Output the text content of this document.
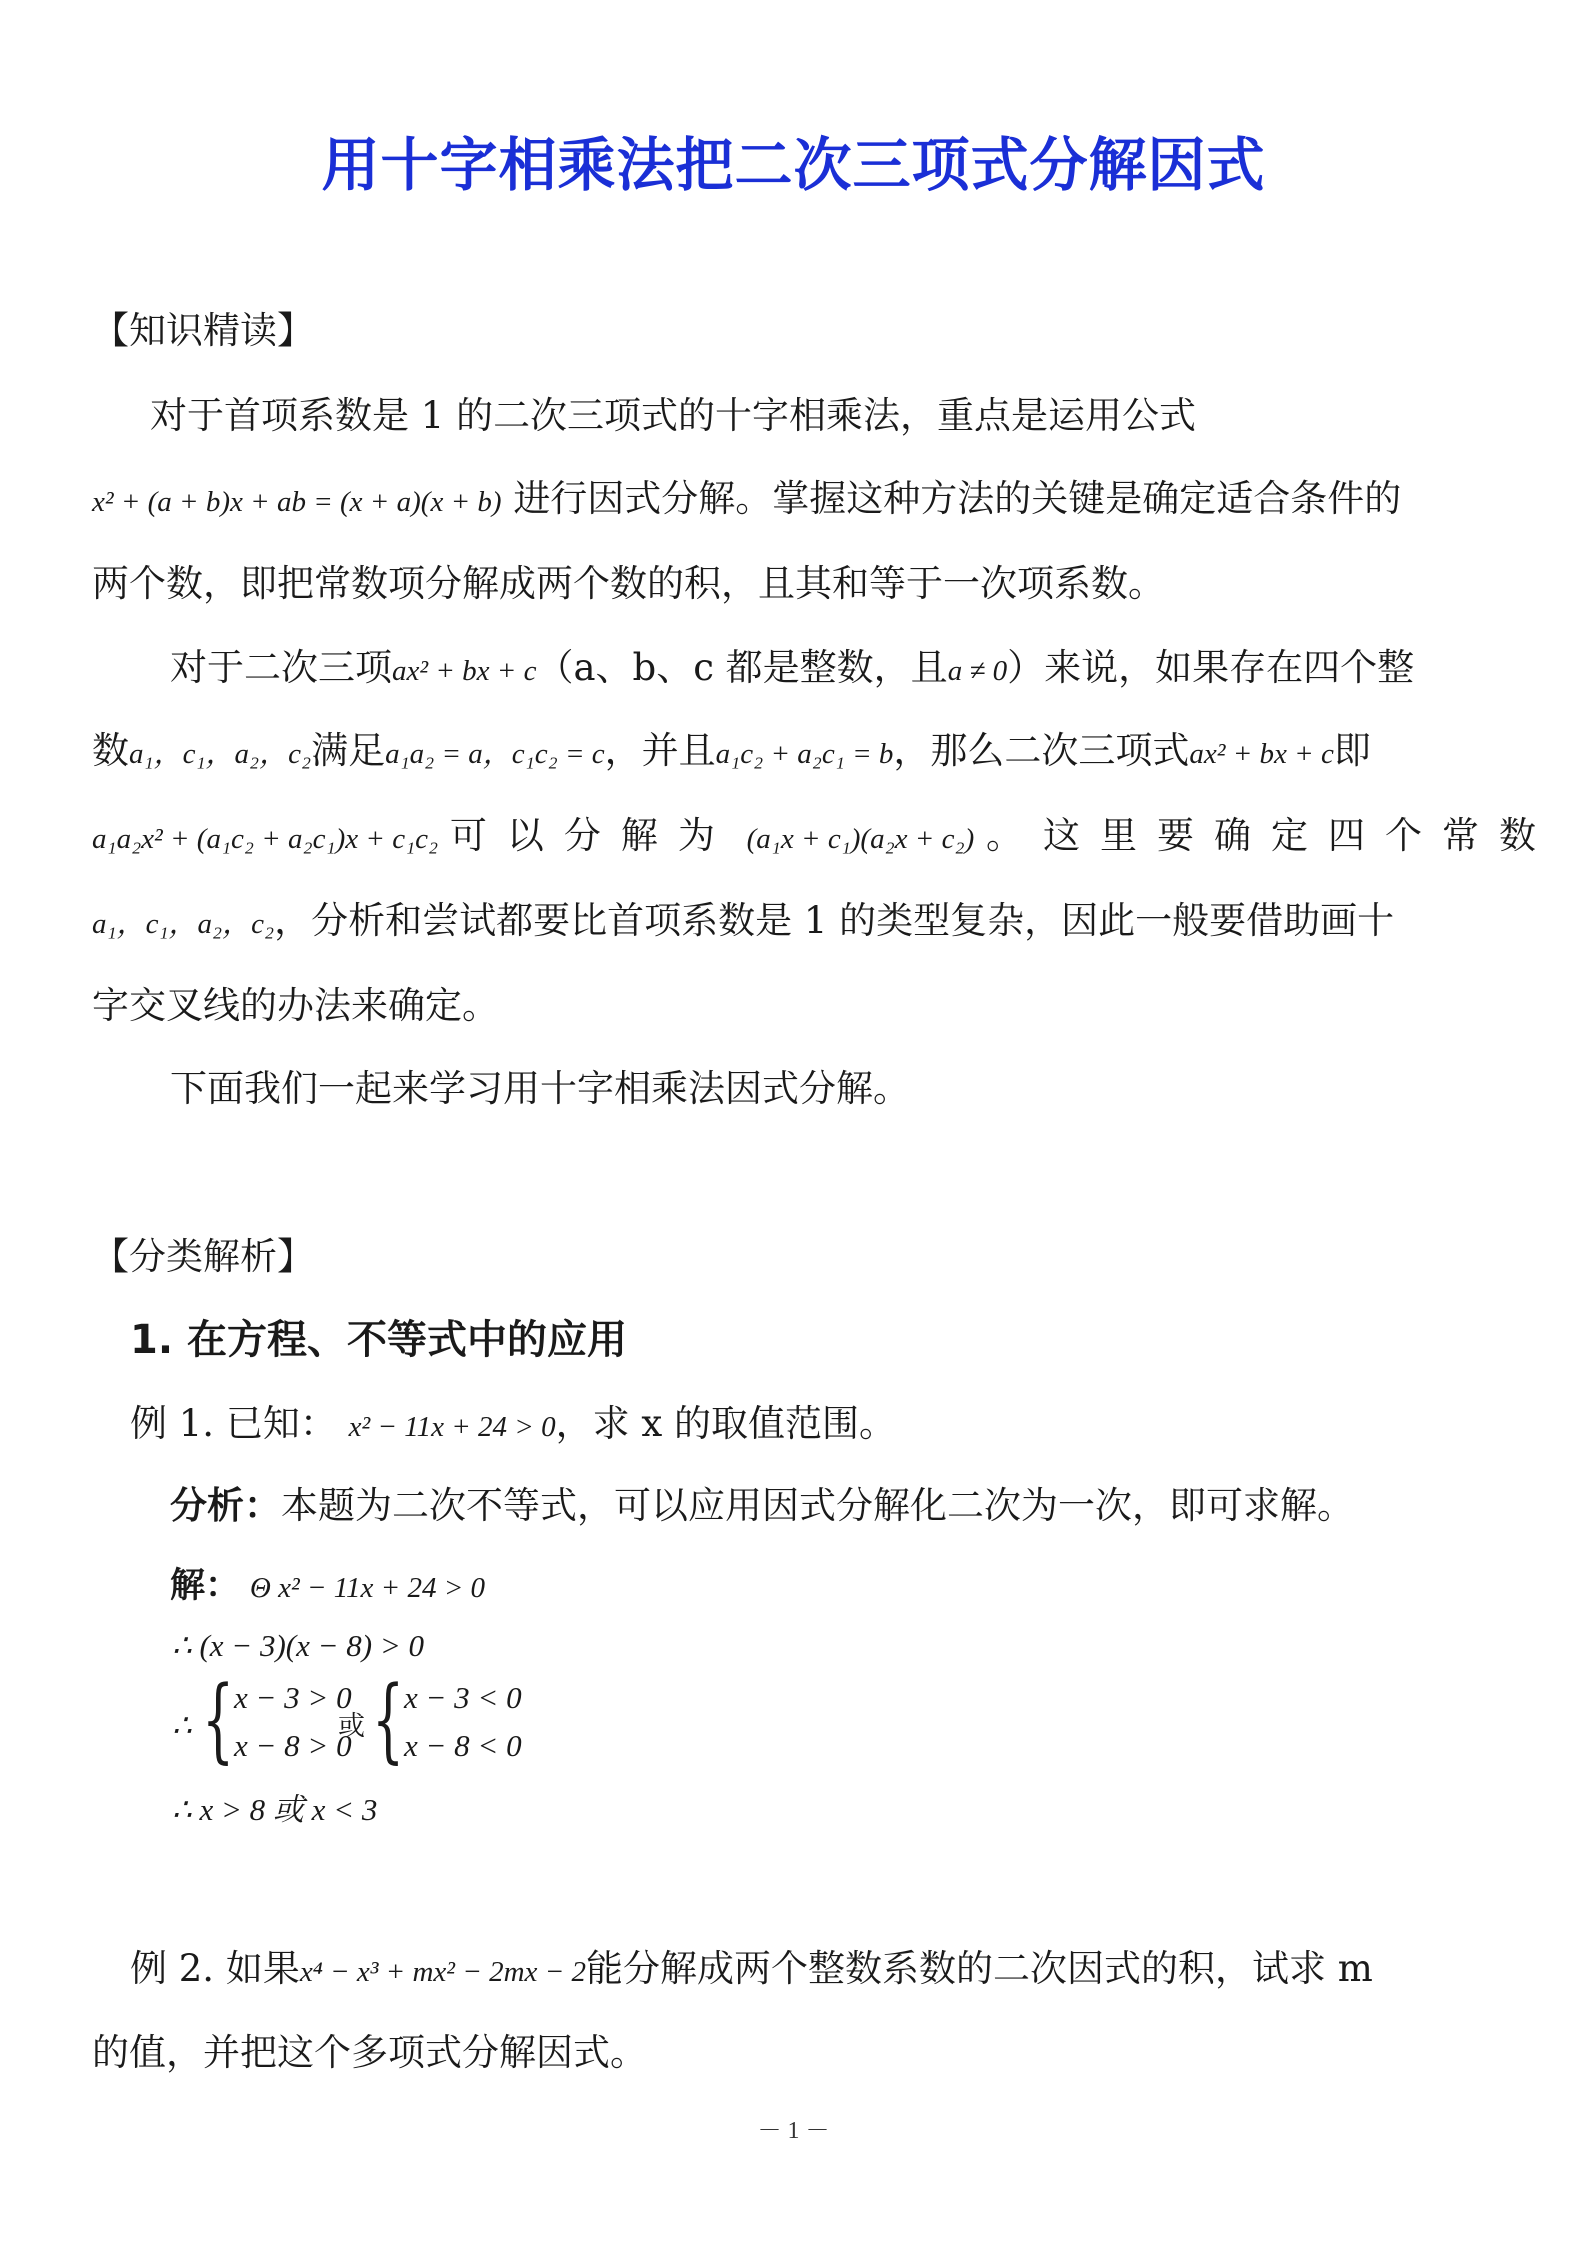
用十字相乘法把二次三项式分解因式
【知识精读】
对于首项系数是 1 的二次三项式的十字相乘法，重点是运用公式
x² + (a + b)x + ab = (x + a)(x + b) 进行因式分解。掌握这种方法的关键是确定适合条件的
两个数，即把常数项分解成两个数的积，且其和等于一次项系数。
对于二次三项ax² + bx + c（a、b、c 都是整数，且a ≠ 0）来说，如果存在四个整
数a₁，c₁，a₂，c₂满足a₁a₂ = a，c₁c₂ = c，并且a₁c₂ + a₂c₁ = b，那么二次三项式ax² + bx + c即
a₁a₂x² + (a₁c₂ + a₂c₁)x + c₁c₂ 可以分解为 (a₁x + c₁)(a₂x + c₂) 。这里要确定四个常数
a₁，c₁，a₂，c₂，分析和尝试都要比首项系数是 1 的类型复杂，因此一般要借助画十
字交叉线的办法来确定。
下面我们一起来学习用十字相乘法因式分解。
【分类解析】
1. 在方程、不等式中的应用
例 1. 已知： x² − 11x + 24 > 0，求 x 的取值范围。
分析：本题为二次不等式，可以应用因式分解化二次为一次，即可求解。
解： Θ x² − 11x + 24 > 0
∴ (x − 3)(x − 8) > 0
∴ { x − 3 > 0
x − 8 > 0
或 { x − 3 < 0
x − 8 < 0
∴ x > 8 或 x < 3
例 2. 如果x⁴ − x³ + mx² − 2mx − 2能分解成两个整数系数的二次因式的积，试求 m
的值，并把这个多项式分解因式。
－ 1 －
